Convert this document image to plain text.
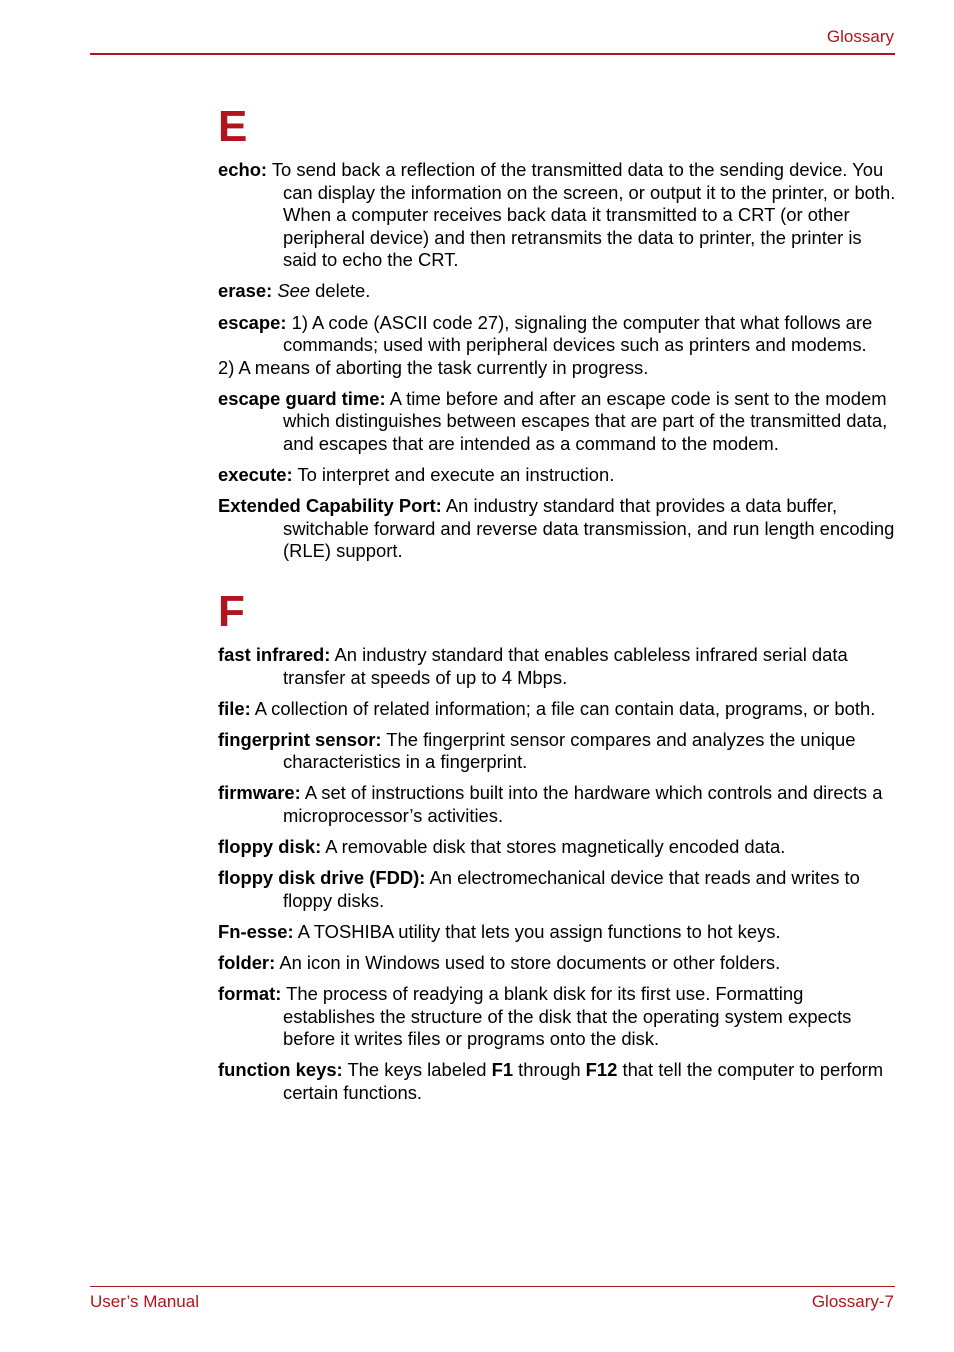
Glossary
E

echo: To send back a reflection of the transmitted data to the sending device. You can display the information on the screen, or output it to the printer, or both. When a computer receives back data it transmitted to a CRT (or other peripheral device) and then retransmits the data to printer, the printer is said to echo the CRT.

erase: See delete.

escape: 1) A code (ASCII code 27), signaling the computer that what follows are commands; used with peripheral devices such as printers and modems.
2) A means of aborting the task currently in progress.

escape guard time: A time before and after an escape code is sent to the modem which distinguishes between escapes that are part of the transmitted data, and escapes that are intended as a command to the modem.

execute: To interpret and execute an instruction.

Extended Capability Port: An industry standard that provides a data buffer, switchable forward and reverse data transmission, and run length encoding (RLE) support.

F

fast infrared: An industry standard that enables cableless infrared serial data transfer at speeds of up to 4 Mbps.

file: A collection of related information; a file can contain data, programs, or both.

fingerprint sensor: The fingerprint sensor compares and analyzes the unique characteristics in a fingerprint.

firmware: A set of instructions built into the hardware which controls and directs a microprocessor’s activities.

floppy disk: A removable disk that stores magnetically encoded data.

floppy disk drive (FDD): An electromechanical device that reads and writes to floppy disks.

Fn-esse: A TOSHIBA utility that lets you assign functions to hot keys.

folder: An icon in Windows used to store documents or other folders.

format: The process of readying a blank disk for its first use. Formatting establishes the structure of the disk that the operating system expects before it writes files or programs onto the disk.

function keys: The keys labeled F1 through F12 that tell the computer to perform certain functions.

User’s Manual	Glossary-7
